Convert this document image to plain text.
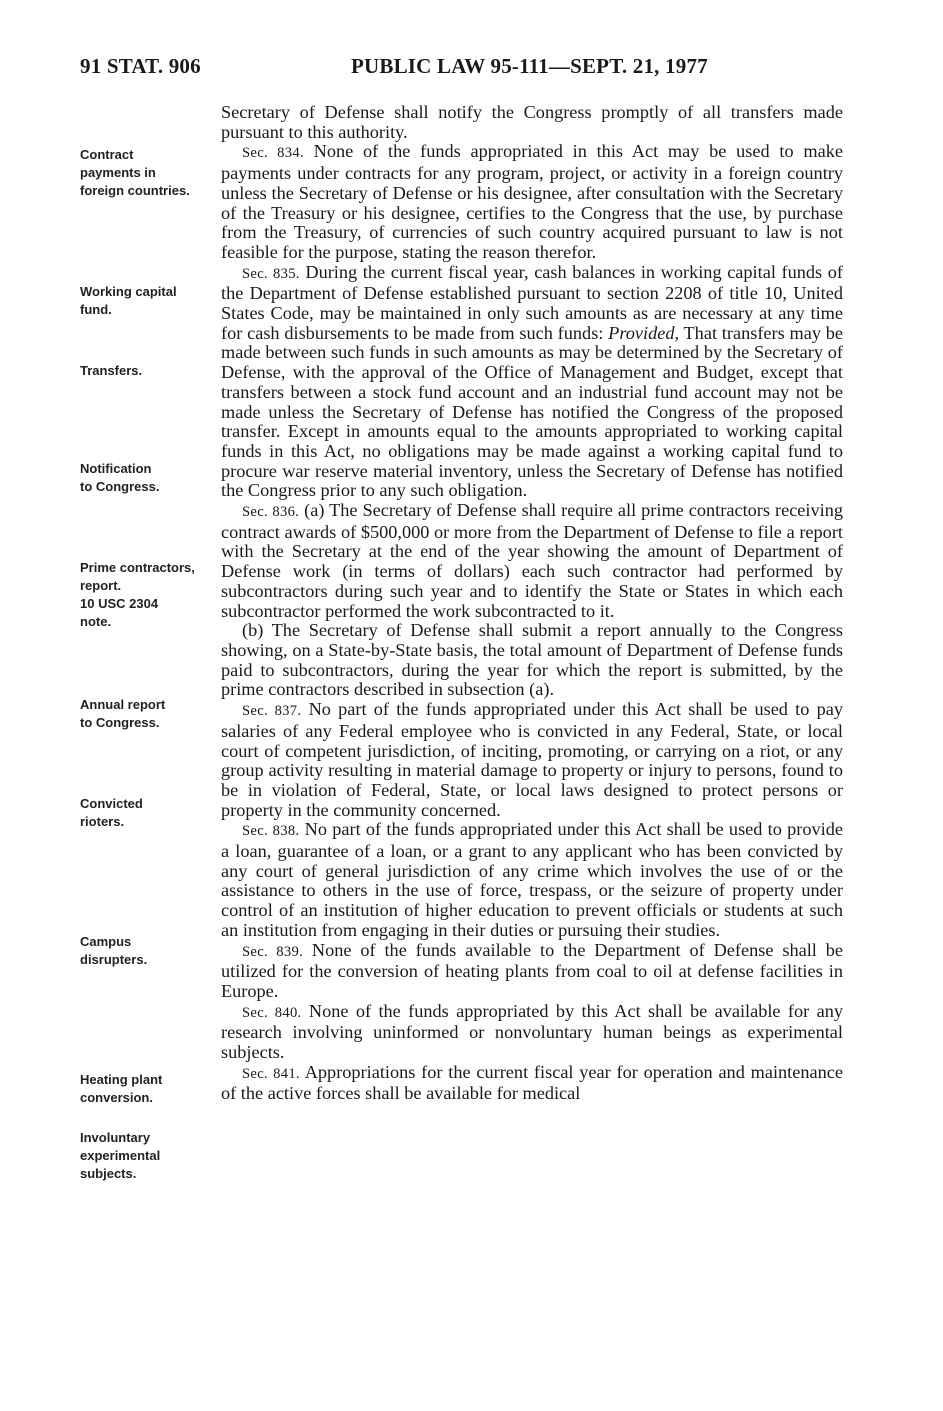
91 STAT. 906	PUBLIC LAW 95-111—SEPT. 21, 1977
Contract
payments in
foreign countries.
Working capital
fund.
Transfers.
Notification
to Congress.
Prime contractors,
report.
10 USC 2304
note.
Annual report
to Congress.
Convicted
rioters.
Campus
disrupters.
Heating plant
conversion.
Involuntary
experimental
subjects.

Secretary of Defense shall notify the Congress promptly of all transfers made pursuant to this authority.

Sec. 834. None of the funds appropriated in this Act may be used to make payments under contracts for any program, project, or activity in a foreign country unless the Secretary of Defense or his designee, after consultation with the Secretary of the Treasury or his designee, certifies to the Congress that the use, by purchase from the Treasury, of currencies of such country acquired pursuant to law is not feasible for the purpose, stating the reason therefor.

Sec. 835. During the current fiscal year, cash balances in working capital funds of the Department of Defense established pursuant to section 2208 of title 10, United States Code, may be maintained in only such amounts as are necessary at any time for cash disbursements to be made from such funds: Provided, That transfers may be made between such funds in such amounts as may be determined by the Secretary of Defense, with the approval of the Office of Management and Budget, except that transfers between a stock fund account and an industrial fund account may not be made unless the Secretary of Defense has notified the Congress of the proposed transfer. Except in amounts equal to the amounts appropriated to working capital funds in this Act, no obligations may be made against a working capital fund to procure war reserve material inventory, unless the Secretary of Defense has notified the Congress prior to any such obligation.

Sec. 836. (a) The Secretary of Defense shall require all prime contractors receiving contract awards of $500,000 or more from the Department of Defense to file a report with the Secretary at the end of the year showing the amount of Department of Defense work (in terms of dollars) each such contractor had performed by subcontractors during such year and to identify the State or States in which each subcontractor performed the work subcontracted to it.

(b) The Secretary of Defense shall submit a report annually to the Congress showing, on a State-by-State basis, the total amount of Department of Defense funds paid to subcontractors, during the year for which the report is submitted, by the prime contractors described in subsection (a).

Sec. 837. No part of the funds appropriated under this Act shall be used to pay salaries of any Federal employee who is convicted in any Federal, State, or local court of competent jurisdiction, of inciting, promoting, or carrying on a riot, or any group activity resulting in material damage to property or injury to persons, found to be in violation of Federal, State, or local laws designed to protect persons or property in the community concerned.

Sec. 838. No part of the funds appropriated under this Act shall be used to provide a loan, guarantee of a loan, or a grant to any applicant who has been convicted by any court of general jurisdiction of any crime which involves the use of or the assistance to others in the use of force, trespass, or the seizure of property under control of an institution of higher education to prevent officials or students at such an institution from engaging in their duties or pursuing their studies.

Sec. 839. None of the funds available to the Department of Defense shall be utilized for the conversion of heating plants from coal to oil at defense facilities in Europe.

Sec. 840. None of the funds appropriated by this Act shall be available for any research involving uninformed or nonvoluntary human beings as experimental subjects.

Sec. 841. Appropriations for the current fiscal year for operation and maintenance of the active forces shall be available for medical
